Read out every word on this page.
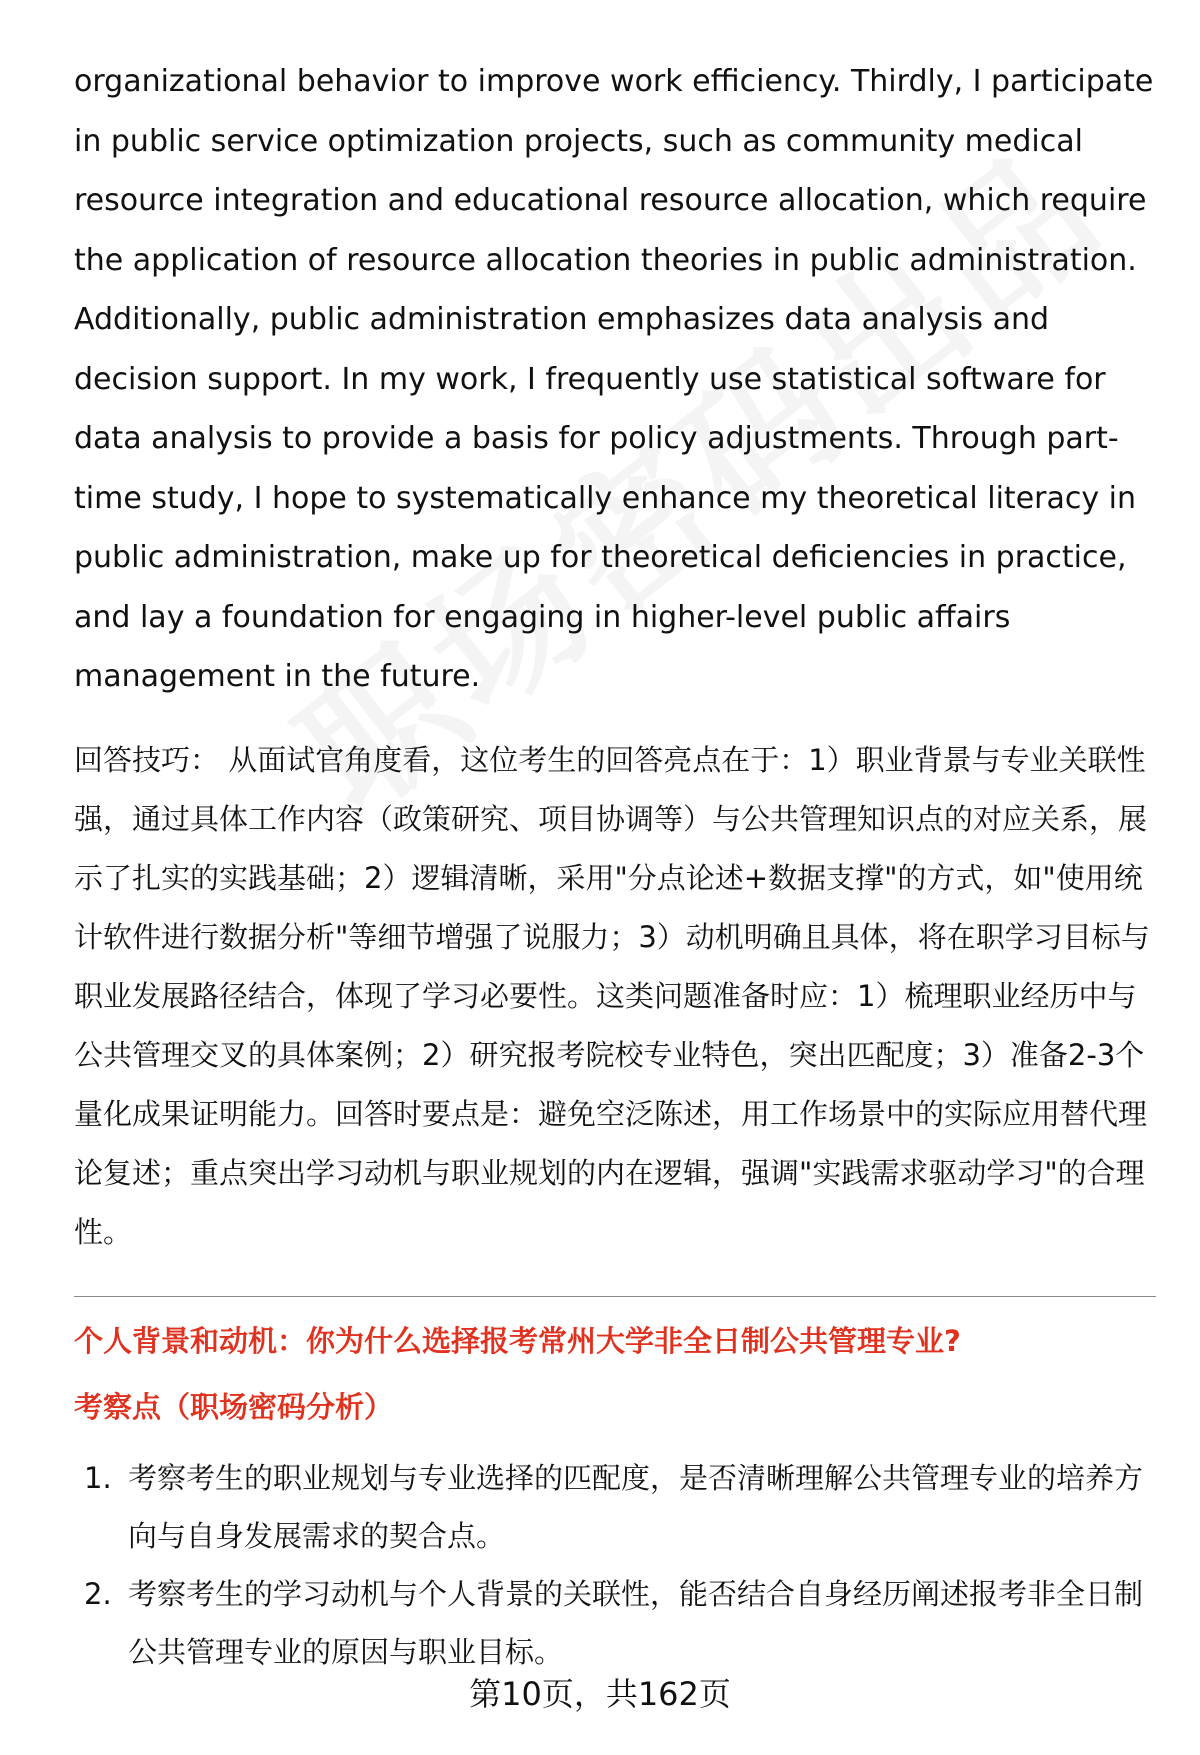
organizational behavior to improve work efficiency. Thirdly, I participate in public service optimization projects, such as community medical resource integration and educational resource allocation, which require the application of resource allocation theories in public administration. Additionally, public administration emphasizes data analysis and decision support. In my work, I frequently use statistical software for data analysis to provide a basis for policy adjustments. Through part-time study, I hope to systematically enhance my theoretical literacy in public administration, make up for theoretical deficiencies in practice, and lay a foundation for engaging in higher-level public affairs management in the future.

回答技巧： 从面试官角度看，这位考生的回答亮点在于：1）职业背景与专业关联性强，通过具体工作内容（政策研究、项目协调等）与公共管理知识点的对应关系，展示了扎实的实践基础；2）逻辑清晰，采用"分点论述+数据支撑"的方式，如"使用统计软件进行数据分析"等细节增强了说服力；3）动机明确且具体，将在职学习目标与职业发展路径结合，体现了学习必要性。这类问题准备时应：1）梳理职业经历中与公共管理交叉的具体案例；2）研究报考院校专业特色，突出匹配度；3）准备2-3个量化成果证明能力。回答时要点是：避免空泛陈述，用工作场景中的实际应用替代理论复述；重点突出学习动机与职业规划的内在逻辑，强调"实践需求驱动学习"的合理性。

个人背景和动机：你为什么选择报考常州大学非全日制公共管理专业?
考察点（职场密码分析）
1. 考察考生的职业规划与专业选择的匹配度，是否清晰理解公共管理专业的培养方向与自身发展需求的契合点。
2. 考察考生的学习动机与个人背景的关联性，能否结合自身经历阐述报考非全日制公共管理专业的原因与职业目标。
第10页，共162页
